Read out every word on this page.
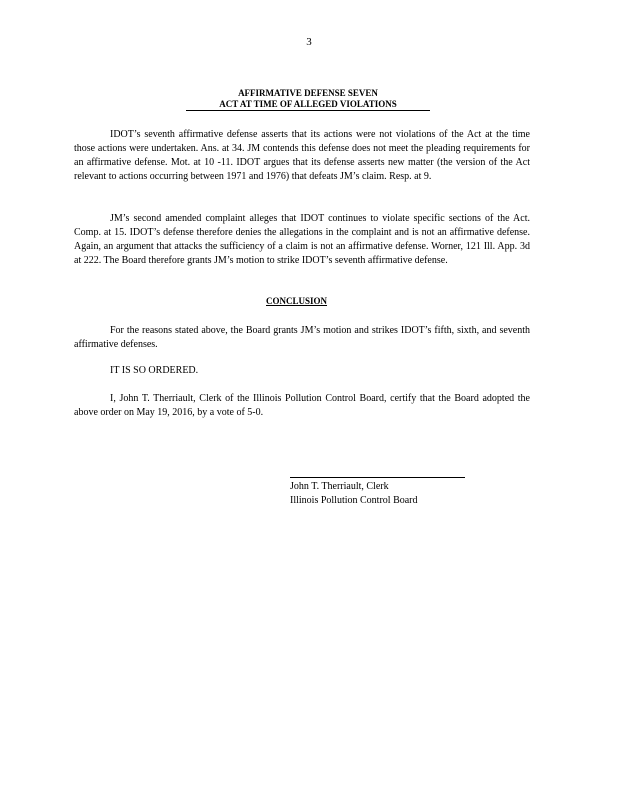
3
AFFIRMATIVE DEFENSE SEVEN
ACT AT TIME OF ALLEGED VIOLATIONS
IDOT’s seventh affirmative defense asserts that its actions were not violations of the Act at the time those actions were undertaken. Ans. at 34. JM contends this defense does not meet the pleading requirements for an affirmative defense. Mot. at 10 -11. IDOT argues that its defense asserts new matter (the version of the Act relevant to actions occurring between 1971 and 1976) that defeats JM’s claim. Resp. at 9.
JM’s second amended complaint alleges that IDOT continues to violate specific sections of the Act. Comp. at 15. IDOT’s defense therefore denies the allegations in the complaint and is not an affirmative defense. Again, an argument that attacks the sufficiency of a claim is not an affirmative defense. Worner, 121 Ill. App. 3d at 222. The Board therefore grants JM’s motion to strike IDOT’s seventh affirmative defense.
CONCLUSION
For the reasons stated above, the Board grants JM’s motion and strikes IDOT’s fifth, sixth, and seventh affirmative defenses.
IT IS SO ORDERED.
I, John T. Therriault, Clerk of the Illinois Pollution Control Board, certify that the Board adopted the above order on May 19, 2016, by a vote of 5-0.
John T. Therriault, Clerk
Illinois Pollution Control Board
